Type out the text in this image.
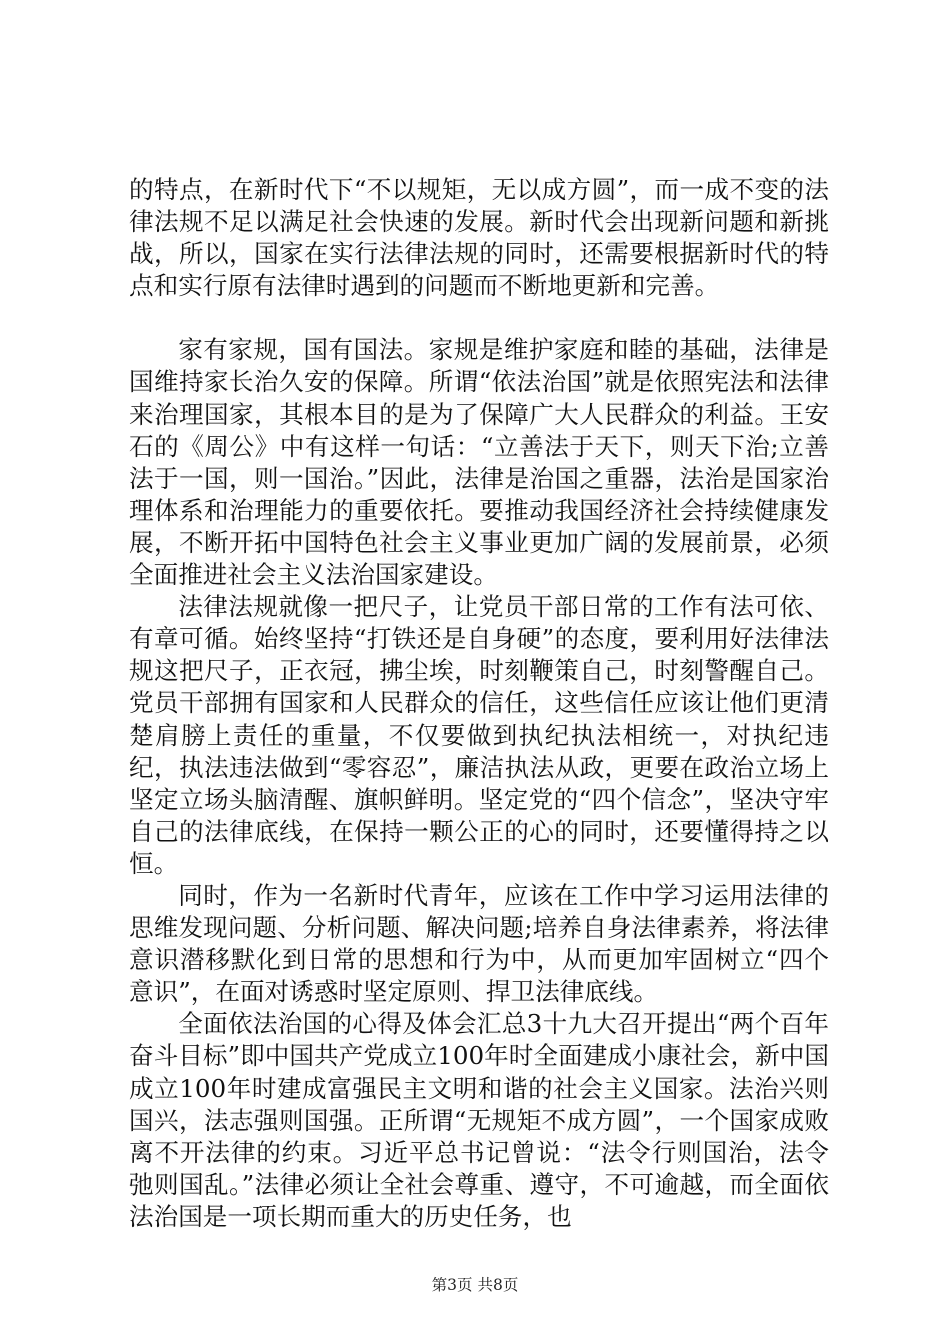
的特点，在新时代下“不以规矩，无以成方圆”，而一成不变的法律法规不足以满足社会快速的发展。新时代会出现新问题和新挑战，所以，国家在实行法律法规的同时，还需要根据新时代的特点和实行原有法律时遇到的问题而不断地更新和完善。

家有家规，国有国法。家规是维护家庭和睦的基础，法律是国维持家长治久安的保障。所谓“依法治国”就是依照宪法和法律来治理国家，其根本目的是为了保障广大人民群众的利益。王安石的《周公》中有这样一句话：“立善法于天下，则天下治;立善法于一国，则一国治。”因此，法律是治国之重器，法治是国家治理体系和治理能力的重要依托。要推动我国经济社会持续健康发展，不断开拓中国特色社会主义事业更加广阔的发展前景，必须全面推进社会主义法治国家建设。

法律法规就像一把尺子，让党员干部日常的工作有法可依、有章可循。始终坚持“打铁还是自身硬”的态度，要利用好法律法规这把尺子，正衣冠，拂尘埃，时刻鞭策自己，时刻警醒自己。党员干部拥有国家和人民群众的信任，这些信任应该让他们更清楚肩膀上责任的重量，不仅要做到执纪执法相统一，对执纪违纪，执法违法做到“零容忍”，廉洁执法从政，更要在政治立场上坚定立场头脑清醒、旗帜鲜明。坚定党的“四个信念”，坚决守牢自己的法律底线，在保持一颗公正的心的同时，还要懂得持之以恒。

同时，作为一名新时代青年，应该在工作中学习运用法律的思维发现问题、分析问题、解决问题;培养自身法律素养，将法律意识潜移默化到日常的思想和行为中，从而更加牢固树立“四个意识”，在面对诱惑时坚定原则、捍卫法律底线。

全面依法治国的心得及体会汇总3十九大召开提出“两个百年奋斗目标”即中国共产党成立100年时全面建成小康社会，新中国成立100年时建成富强民主文明和谐的社会主义国家。法治兴则国兴，法志强则国强。正所谓“无规矩不成方圆”，一个国家成败离不开法律的约束。习近平总书记曾说：“法令行则国治，法令弛则国乱。”法律必须让全社会尊重、遵守，不可逾越，而全面依法治国是一项长期而重大的历史任务，也

第3页 共8页
